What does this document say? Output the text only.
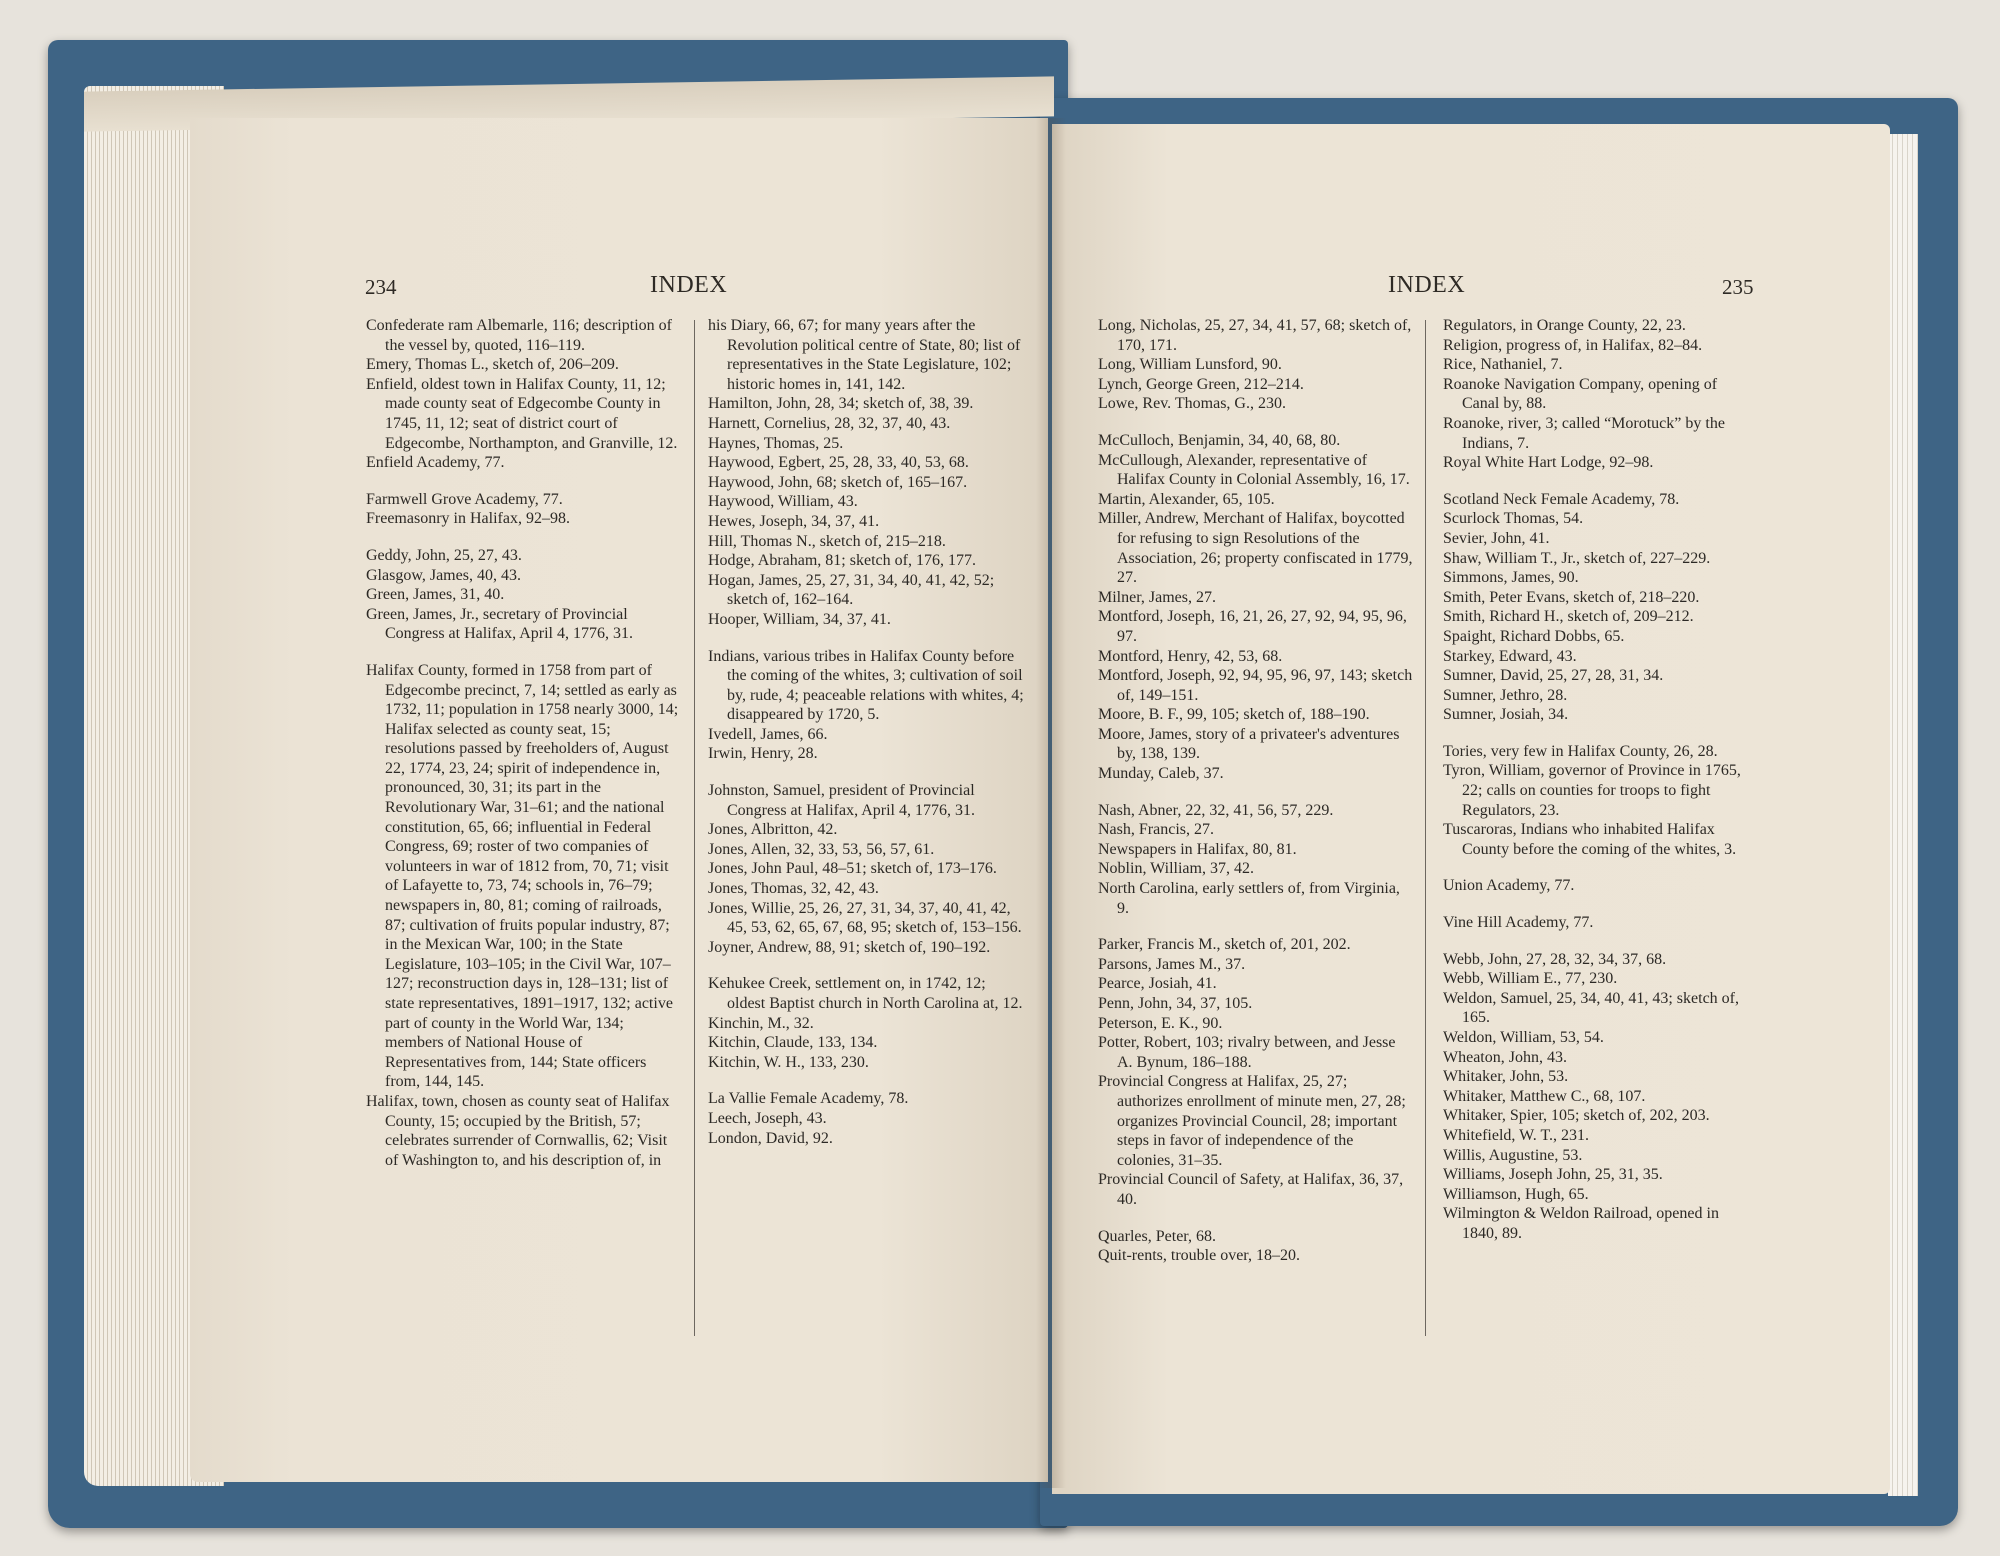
234	INDEX	INDEX	235
Confederate ram Albemarle, 116; description of the vessel by, quoted, 116–119.
Emery, Thomas L., sketch of, 206–209.
Enfield, oldest town in Halifax County, 11, 12; made county seat of Edgecombe County in 1745, 11, 12; seat of district court of Edgecombe, Northampton, and Granville, 12.
Enfield Academy, 77.
Farmwell Grove Academy, 77.
Freemasonry in Halifax, 92–98.
Geddy, John, 25, 27, 43.
Glasgow, James, 40, 43.
Green, James, 31, 40.
Green, James, Jr., secretary of Provincial Congress at Halifax, April 4, 1776, 31.
Halifax County, formed in 1758 from part of Edgecombe precinct, 7, 14; settled as early as 1732, 11; population in 1758 nearly 3000, 14; Halifax selected as county seat, 15; resolutions passed by freeholders of, August 22, 1774, 23, 24; spirit of independence in, pronounced, 30, 31; its part in the Revolutionary War, 31–61; and the national constitution, 65, 66; influential in Federal Congress, 69; roster of two companies of volunteers in war of 1812 from, 70, 71; visit of Lafayette to, 73, 74; schools in, 76–79; newspapers in, 80, 81; coming of railroads, 87; cultivation of fruits popular industry, 87; in the Mexican War, 100; in the State Legislature, 103–105; in the Civil War, 107–127; reconstruction days in, 128–131; list of state representatives, 1891–1917, 132; active part of county in the World War, 134; members of National House of Representatives from, 144; State officers from, 144, 145.
Halifax, town, chosen as county seat of Halifax County, 15; occupied by the British, 57; celebrates surrender of Cornwallis, 62; Visit of Washington to, and his description of, in
his Diary, 66, 67; for many years after the Revolution political centre of State, 80; list of representatives in the State Legislature, 102; historic homes in, 141, 142.
Hamilton, John, 28, 34; sketch of, 38, 39.
Harnett, Cornelius, 28, 32, 37, 40, 43.
Haynes, Thomas, 25.
Haywood, Egbert, 25, 28, 33, 40, 53, 68.
Haywood, John, 68; sketch of, 165–167.
Haywood, William, 43.
Hewes, Joseph, 34, 37, 41.
Hill, Thomas N., sketch of, 215–218.
Hodge, Abraham, 81; sketch of, 176, 177.
Hogan, James, 25, 27, 31, 34, 40, 41, 42, 52; sketch of, 162–164.
Hooper, William, 34, 37, 41.
Indians, various tribes in Halifax County before the coming of the whites, 3; cultivation of soil by, rude, 4; peaceable relations with whites, 4; disappeared by 1720, 5.
Ivedell, James, 66.
Irwin, Henry, 28.
Johnston, Samuel, president of Provincial Congress at Halifax, April 4, 1776, 31.
Jones, Albritton, 42.
Jones, Allen, 32, 33, 53, 56, 57, 61.
Jones, John Paul, 48–51; sketch of, 173–176.
Jones, Thomas, 32, 42, 43.
Jones, Willie, 25, 26, 27, 31, 34, 37, 40, 41, 42, 45, 53, 62, 65, 67, 68, 95; sketch of, 153–156.
Joyner, Andrew, 88, 91; sketch of, 190–192.
Kehukee Creek, settlement on, in 1742, 12; oldest Baptist church in North Carolina at, 12.
Kinchin, M., 32.
Kitchin, Claude, 133, 134.
Kitchin, W. H., 133, 230.
La Vallie Female Academy, 78.
Leech, Joseph, 43.
London, David, 92.
Long, Nicholas, 25, 27, 34, 41, 57, 68; sketch of, 170, 171.
Long, William Lunsford, 90.
Lynch, George Green, 212–214.
Lowe, Rev. Thomas, G., 230.
McCulloch, Benjamin, 34, 40, 68, 80.
McCullough, Alexander, representative of Halifax County in Colonial Assembly, 16, 17.
Martin, Alexander, 65, 105.
Miller, Andrew, Merchant of Halifax, boycotted for refusing to sign Resolutions of the Association, 26; property confiscated in 1779, 27.
Milner, James, 27.
Montford, Joseph, 16, 21, 26, 27, 92, 94, 95, 96, 97.
Montford, Henry, 42, 53, 68.
Montford, Joseph, 92, 94, 95, 96, 97, 143; sketch of, 149–151.
Moore, B. F., 99, 105; sketch of, 188–190.
Moore, James, story of a privateer's adventures by, 138, 139.
Munday, Caleb, 37.
Nash, Abner, 22, 32, 41, 56, 57, 229.
Nash, Francis, 27.
Newspapers in Halifax, 80, 81.
Noblin, William, 37, 42.
North Carolina, early settlers of, from Virginia, 9.
Parker, Francis M., sketch of, 201, 202.
Parsons, James M., 37.
Pearce, Josiah, 41.
Penn, John, 34, 37, 105.
Peterson, E. K., 90.
Potter, Robert, 103; rivalry between, and Jesse A. Bynum, 186–188.
Provincial Congress at Halifax, 25, 27; authorizes enrollment of minute men, 27, 28; organizes Provincial Council, 28; important steps in favor of independence of the colonies, 31–35.
Provincial Council of Safety, at Halifax, 36, 37, 40.
Quarles, Peter, 68.
Quit-rents, trouble over, 18–20.
Regulators, in Orange County, 22, 23.
Religion, progress of, in Halifax, 82–84.
Rice, Nathaniel, 7.
Roanoke Navigation Company, opening of Canal by, 88.
Roanoke, river, 3; called “Morotuck” by the Indians, 7.
Royal White Hart Lodge, 92–98.
Scotland Neck Female Academy, 78.
Scurlock Thomas, 54.
Sevier, John, 41.
Shaw, William T., Jr., sketch of, 227–229.
Simmons, James, 90.
Smith, Peter Evans, sketch of, 218–220.
Smith, Richard H., sketch of, 209–212.
Spaight, Richard Dobbs, 65.
Starkey, Edward, 43.
Sumner, David, 25, 27, 28, 31, 34.
Sumner, Jethro, 28.
Sumner, Josiah, 34.
Tories, very few in Halifax County, 26, 28.
Tyron, William, governor of Province in 1765, 22; calls on counties for troops to fight Regulators, 23.
Tuscaroras, Indians who inhabited Halifax County before the coming of the whites, 3.
Union Academy, 77.
Vine Hill Academy, 77.
Webb, John, 27, 28, 32, 34, 37, 68.
Webb, William E., 77, 230.
Weldon, Samuel, 25, 34, 40, 41, 43; sketch of, 165.
Weldon, William, 53, 54.
Wheaton, John, 43.
Whitaker, John, 53.
Whitaker, Matthew C., 68, 107.
Whitaker, Spier, 105; sketch of, 202, 203.
Whitefield, W. T., 231.
Willis, Augustine, 53.
Williams, Joseph John, 25, 31, 35.
Williamson, Hugh, 65.
Wilmington & Weldon Railroad, opened in 1840, 89.
